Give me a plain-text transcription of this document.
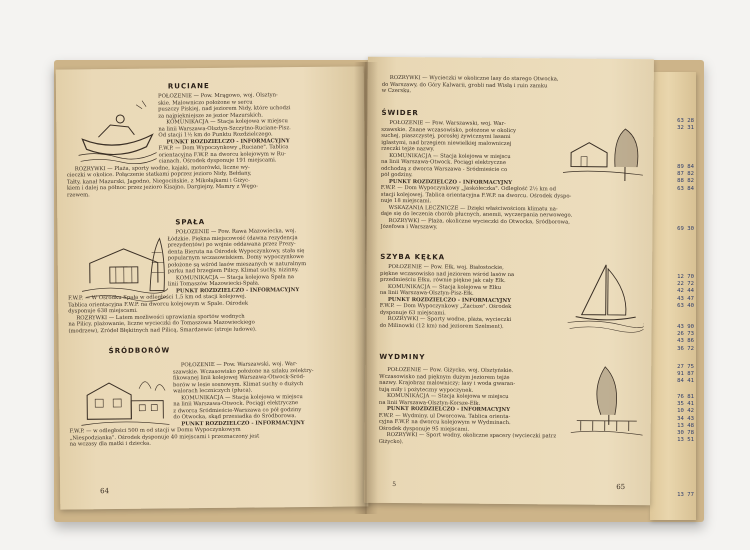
63 28
32 31
89 84
87 82
88 82
63 84
69 30
12 70
22 72
42 44
43 47
63 40
43 90
26 73
43 86
36 72
27 75
91 87
84 41
76 81
35 41
10 42
34 43
13 48
30 78
13 51
13 77
RUCIANE
POŁOŻENIE — Pow. Mrągowo, woj. Olsztyn-
skie. Malowniczo położone w sercu
puszczy Piskiej, nad jeziorem Nidy, które uchodzi
za najpiękniejsze ze jezior Mazurskich.
KOMUNIKACJA — Stacja kolejowa w miejscu
na linii Warszawa-Olsztyn-Szczytno-Ruciane-Pisz.
Od stacji 1½ km do Punktu Rozdzielczego.
PUNKT ROZDZIELCZO - INFORMACYJNY
F.W.P. — Dom Wypoczynkowy „Ruciane". Tablica
orientacyjna F.W.P. na dworcu kolejowym w Ru-
cianach. Ośrodek dysponuje 191 miejscami.
ROZRYWKI — Plaża, sporty wodne, kajaki, motorówki, liczne wy-
cieczki w okolice. Połączenie statkami poprzez jezioro Nidy, Bełdany,
Tałty, kanał Mazurski, Jagodno, Niegocińskie, z Mikołajkami i Giżyc-
kiem i dalej na północ przez jezioro Kisajno, Dargiejny, Mamry z Węgo-
rzewem.
SPAŁA
POŁOŻENIE — Pow. Rawa Mazowiecka, woj.
Łódzkie. Piękna miejscowość (dawna rezydencja
prezydentów) po wojnie oddawana przez Prezy-
denta Bieruta na Ośrodek Wypoczynkowy, stała się
popularnym wczasowiskiem. Domy wypoczynkowe
położone są wśród lasów mieszanych w naturalnym
parku nad brzegiem Pilicy. Klimat suchy, nizinny.
KOMUNIKACJA — Stacja kolejowa Spała na
linii Tomaszów Mazowiecki-Spała.
PUNKT ROZDZIELCZO - INFORMACYJNY
F.W.P. — W Ośrodku Spała w odległości 1,5 km od stacji kolejowej.
Tablica orientacyjna F.W.P. na dworcu kolejowym w Spale. Ośrodek
dysponuje 638 miejscami.
ROZRYWKI — Latem możliwości uprawiania sportów wodnych
na Pilicy, plażowanie, liczne wycieczki do Tomaszowa Mazowieckiego
(modrzew), Źródeł Błękitnych nad Pilicą, Smardzewic (stroje ludowe).
ŚRÓDBORÓW
POŁOŻENIE — Pow. Warszawski, woj. War-
szawskie. Wczasowisko położone na szlaku zelektry-
fikowanej linii kolejowej Warszawa-Otwock-Śród-
borów w lesie sosnowym. Klimat suchy o dużych
walorach leczniczych (płuca).
KOMUNIKACJA — Stacja kolejowa w miejscu
na linii Warszawa-Otwock. Pociągi elektryczne
z dworca Śródmieście-Warszawa co pół godziny
do Otwocka, skąd przesiadka do Śródborowa.
PUNKT ROZDZIELCZO - INFORMACYJNY
F.W.P. — w odległości 500 m od stacji w Domu Wypoczynkowym
„Niespodzianka". Ośrodek dysponuje 40 miejscami i przeznaczony jest
na wczasy dla matki i dziecka.
64
ROZRYWKI — Wycieczki w okoliczne lasy do starego Otwocka,
do Warszawy, do Góry Kalwarii, grobli nad Wisłą i ruin zamku
w Czersku.
ŚWIDER
POŁOŻENIE — Pow. Warszawski, woj. War-
szawskie. Znane wczasowisko, położone w okolicy
suchej, piaszczystej, porosłej żywicznymi lasami
iglastymi, nad brzegiem niewielkiej malowniczej
rzeczki tejże nazwy.
KOMUNIKACJA — Stacja kolejowa w miejscu
na linii Warszawa-Otwock. Pociągi elektryczne
odchodzą z dworca Warszawa - Śródmieście co
pół godziny.
PUNKT ROZDZIELCZO - INFORMACYJNY
F.W.P. — Dom Wypoczynkowy „Jaskółeczka". Odległość 2½ km od
stacji kolejowej. Tablica orientacyjna F.W.P. na dworcu. Ośrodek dyspo-
nuje 18 miejscami.
WSKAZANIA LECZNICZE — Dzięki właściwościom klimatu na-
daje się do leczenia chorób płucnych, anemii, wyczerpania nerwowego.
ROZRYWKI — Plaża, okoliczne wycieczki do Otwocka, Śródborowa,
Józefowa i Warszawy.
SZYBA KĘŁKA
POŁOŻENIE — Pow. Ełk, woj. Białostockie,
piękne wczasowisko nad jeziorem wśród lasów na
przedmieściu Ełku, równie piękne jak cały Ełk.
KOMUNIKACJA — Stacja kolejowa w Ełku
na linii Warszawa-Olsztyn-Pisz-Ełk.
PUNKT ROZDZIELCZO - INFORMACYJNY
F.W.P. — Dom Wypoczynkowy „Zacisze". Ośrodek
dysponuje 63 miejscami.
ROZRYWKI — Sporty wodne, plaża, wycieczki
do Milinowki (12 km) nad jeziorem Szelment).
WYDMINY
POŁOŻENIE — Pow. Giżycko, woj. Olsztyńskie.
Wczasowisko nad pięknym dużym jeziorem tejże
nazwy. Krajobraz malowniczy; lasy i woda gwaran-
tują miły i pożyteczny wypoczynek.
KOMUNIKACJA — Stacja kolejowa w miejscu
na linii Warszawa-Olsztyn-Korsze-Ełk.
PUNKT ROZDZIELCZO - INFORMACYJNY
F.W.P. — Wydminy, ul Dworcowa. Tablica orienta-
cyjna F.W.P. na dworcu kolejowym w Wydminach.
Ośrodek dysponuje 95 miejscami.
ROZRYWKI — Sport wodny, okoliczne spacery (wycieczki patrz
Giżycko).
5	65
